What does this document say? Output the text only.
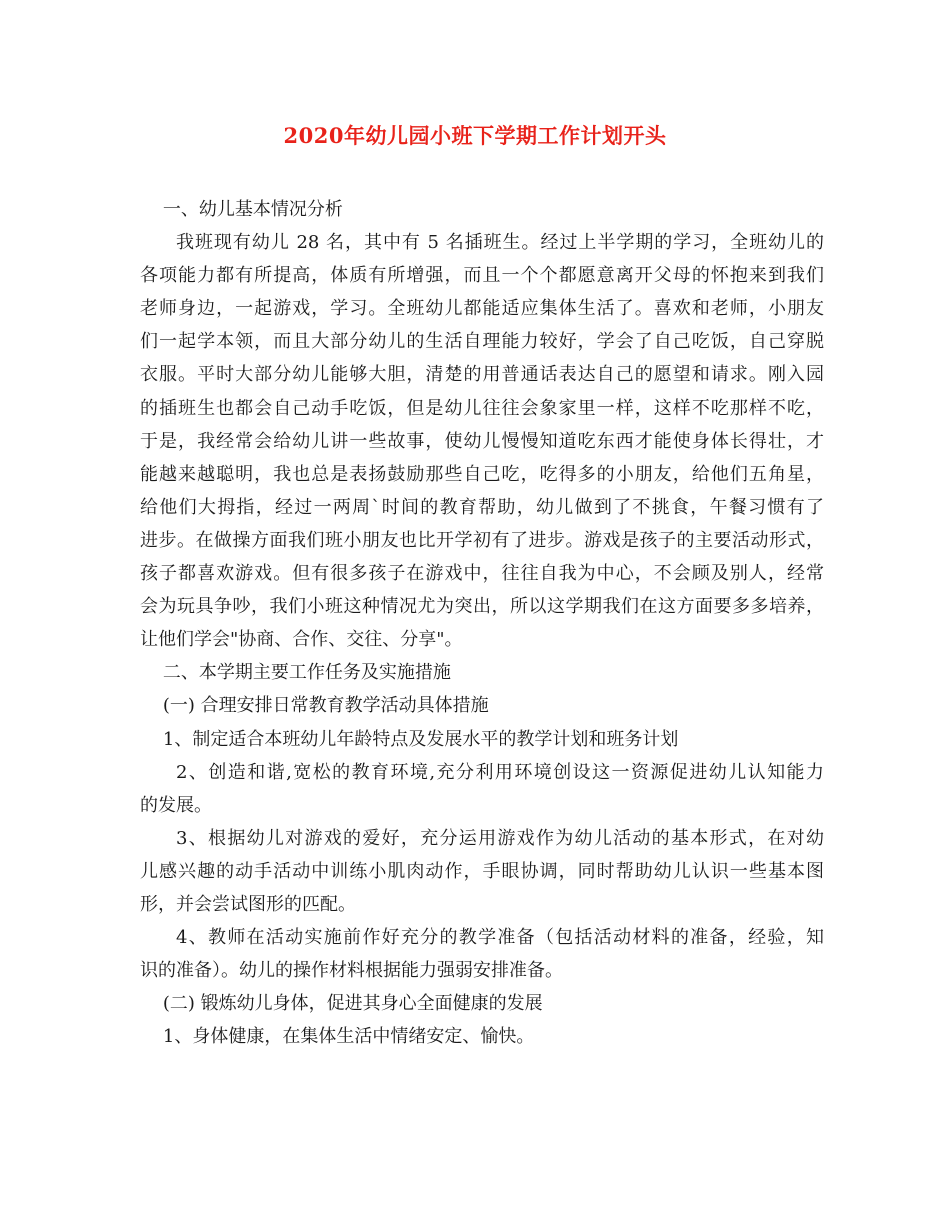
2020年幼儿园小班下学期工作计划开头
一、幼儿基本情况分析
我班现有幼儿 28 名，其中有 5 名插班生。经过上半学期的学习，全班幼儿的
各项能力都有所提高，体质有所增强，而且一个个都愿意离开父母的怀抱来到我们
老师身边，一起游戏，学习。全班幼儿都能适应集体生活了。喜欢和老师，小朋友
们一起学本领，而且大部分幼儿的生活自理能力较好，学会了自己吃饭，自己穿脱
衣服。平时大部分幼儿能够大胆，清楚的用普通话表达自己的愿望和请求。刚入园
的插班生也都会自己动手吃饭，但是幼儿往往会象家里一样，这样不吃那样不吃，
于是，我经常会给幼儿讲一些故事，使幼儿慢慢知道吃东西才能使身体长得壮，才
能越来越聪明，我也总是表扬鼓励那些自己吃，吃得多的小朋友，给他们五角星，
给他们大拇指，经过一两周`时间的教育帮助，幼儿做到了不挑食，午餐习惯有了
进步。在做操方面我们班小朋友也比开学初有了进步。游戏是孩子的主要活动形式，
孩子都喜欢游戏。但有很多孩子在游戏中，往往自我为中心，不会顾及别人，经常
会为玩具争吵，我们小班这种情况尤为突出，所以这学期我们在这方面要多多培养，
让他们学会"协商、合作、交往、分享"。
二、本学期主要工作任务及实施措施
(一) 合理安排日常教育教学活动具体措施
1、制定适合本班幼儿年龄特点及发展水平的教学计划和班务计划
2、创造和谐,宽松的教育环境,充分利用环境创设这一资源促进幼儿认知能力
的发展。
3、根据幼儿对游戏的爱好，充分运用游戏作为幼儿活动的基本形式，在对幼
儿感兴趣的动手活动中训练小肌肉动作，手眼协调，同时帮助幼儿认识一些基本图
形，并会尝试图形的匹配。
4、教师在活动实施前作好充分的教学准备（包括活动材料的准备，经验，知
识的准备）。幼儿的操作材料根据能力强弱安排准备。
(二) 锻炼幼儿身体，促进其身心全面健康的发展
1、身体健康，在集体生活中情绪安定、愉快。
